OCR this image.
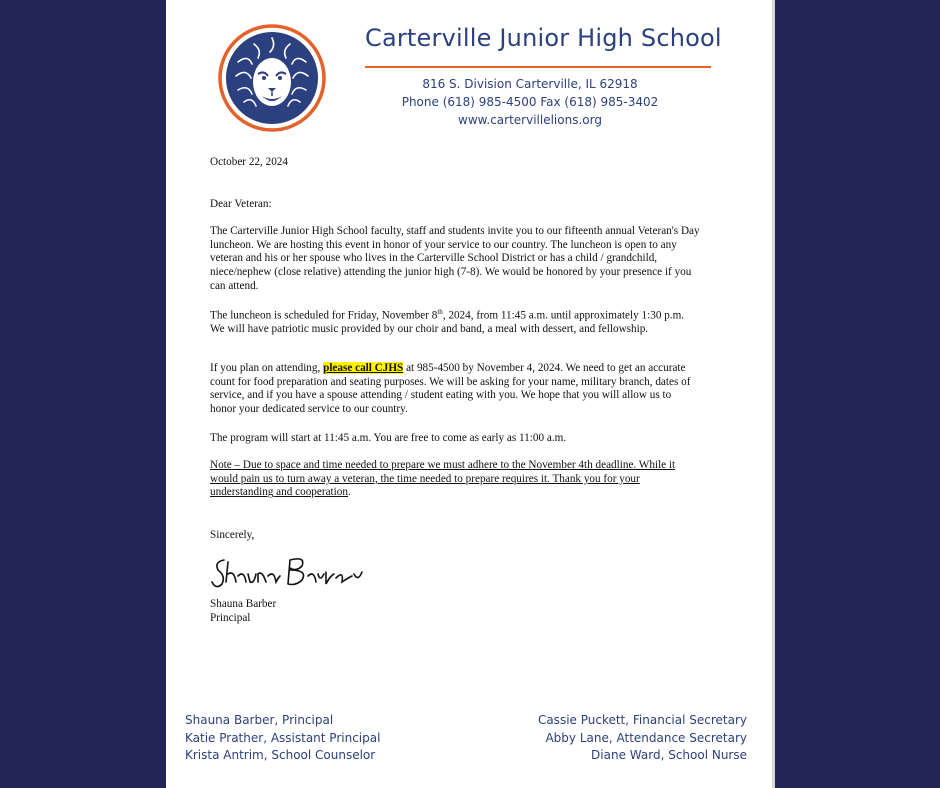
Carterville Junior High School
816 S. Division Carterville, IL 62918
Phone (618) 985-4500 Fax (618) 985-3402
www.cartervillelions.org
October 22, 2024
Dear Veteran:

The Carterville Junior High School faculty, staff and students invite you to our fifteenth annual Veteran's Day luncheon. We are hosting this event in honor of your service to our country. The luncheon is open to any veteran and his or her spouse who lives in the Carterville School District or has a child / grandchild, niece/nephew (close relative) attending the junior high (7-8). We would be honored by your presence if you can attend.

The luncheon is scheduled for Friday, November 8th, 2024, from 11:45 a.m. until approximately 1:30 p.m. We will have patriotic music provided by our choir and band, a meal with dessert, and fellowship.

If you plan on attending, please call CJHS at 985-4500 by November 4, 2024. We need to get an accurate count for food preparation and seating purposes. We will be asking for your name, military branch, dates of service, and if you have a spouse attending / student eating with you. We hope that you will allow us to honor your dedicated service to our country.

The program will start at 11:45 a.m. You are free to come as early as 11:00 a.m.

Note – Due to space and time needed to prepare we must adhere to the November 4th deadline. While it would pain us to turn away a veteran, the time needed to prepare requires it. Thank you for your understanding and cooperation.

Sincerely,
Shauna Barber
Principal
Shauna Barber, Principal
Katie Prather, Assistant Principal
Krista Antrim, School Counselor
Cassie Puckett, Financial Secretary
Abby Lane, Attendance Secretary
Diane Ward, School Nurse
